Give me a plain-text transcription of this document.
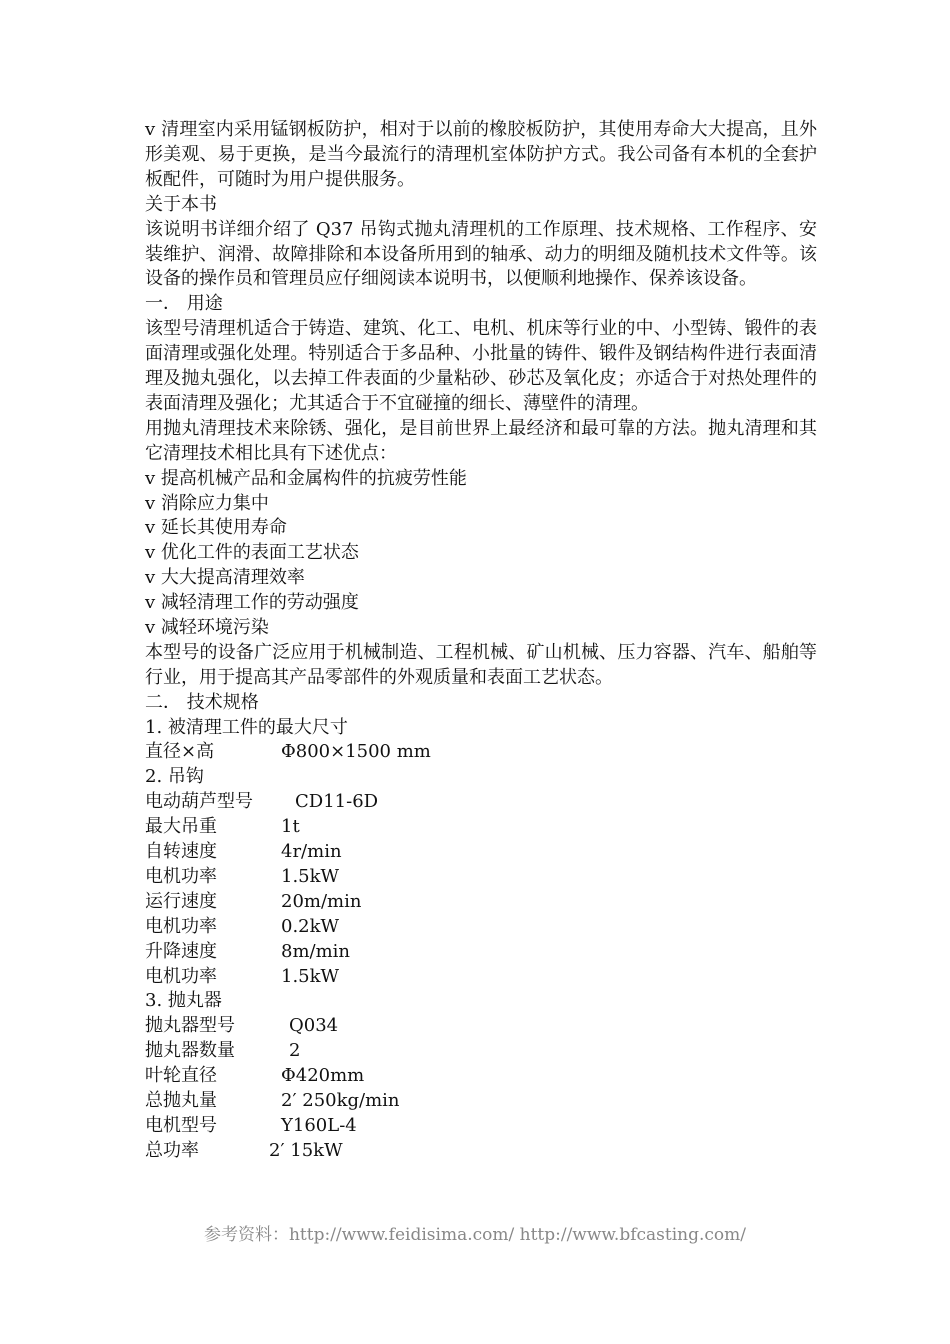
v 清理室内采用锰钢板防护，相对于以前的橡胶板防护，其使用寿命大大提高，且外形美观、易于更换，是当今最流行的清理机室体防护方式。我公司备有本机的全套护板配件，可随时为用户提供服务。

关于本书

该说明书详细介绍了 Q37 吊钩式抛丸清理机的工作原理、技术规格、工作程序、安装维护、润滑、故障排除和本设备所用到的轴承、动力的明细及随机技术文件等。该设备的操作员和管理员应仔细阅读本说明书，以便顺利地操作、保养该设备。

一． 用途

该型号清理机适合于铸造、建筑、化工、电机、机床等行业的中、小型铸、锻件的表面清理或强化处理。特别适合于多品种、小批量的铸件、锻件及钢结构件进行表面清理及抛丸强化，以去掉工件表面的少量粘砂、砂芯及氧化皮；亦适合于对热处理件的表面清理及强化；尤其适合于不宜碰撞的细长、薄壁件的清理。

用抛丸清理技术来除锈、强化，是目前世界上最经济和最可靠的方法。抛丸清理和其它清理技术相比具有下述优点：

v 提高机械产品和金属构件的抗疲劳性能
v 消除应力集中
v 延长其使用寿命
v 优化工件的表面工艺状态
v 大大提高清理效率
v 减轻清理工作的劳动强度
v 减轻环境污染

本型号的设备广泛应用于机械制造、工程机械、矿山机械、压力容器、汽车、船舶等行业，用于提高其产品零部件的外观质量和表面工艺状态。

二． 技术规格
1. 被清理工件的最大尺寸
直径×高	Φ800×1500 mm
2. 吊钩
电动葫芦型号 CD11-6D
最大吊重	1t
自转速度	4r/min
电机功率	1.5kW
运行速度	20m/min
电机功率	0.2kW
升降速度	8m/min
电机功率	1.5kW
3. 抛丸器
抛丸器型号	Q034
抛丸器数量	2
叶轮直径	Φ420mm
总抛丸量	2′ 250kg/min
电机型号	Y160L-4
总功率	2′ 15kW
参考资料：http://www.feidisima.com/ http://www.bfcasting.com/
